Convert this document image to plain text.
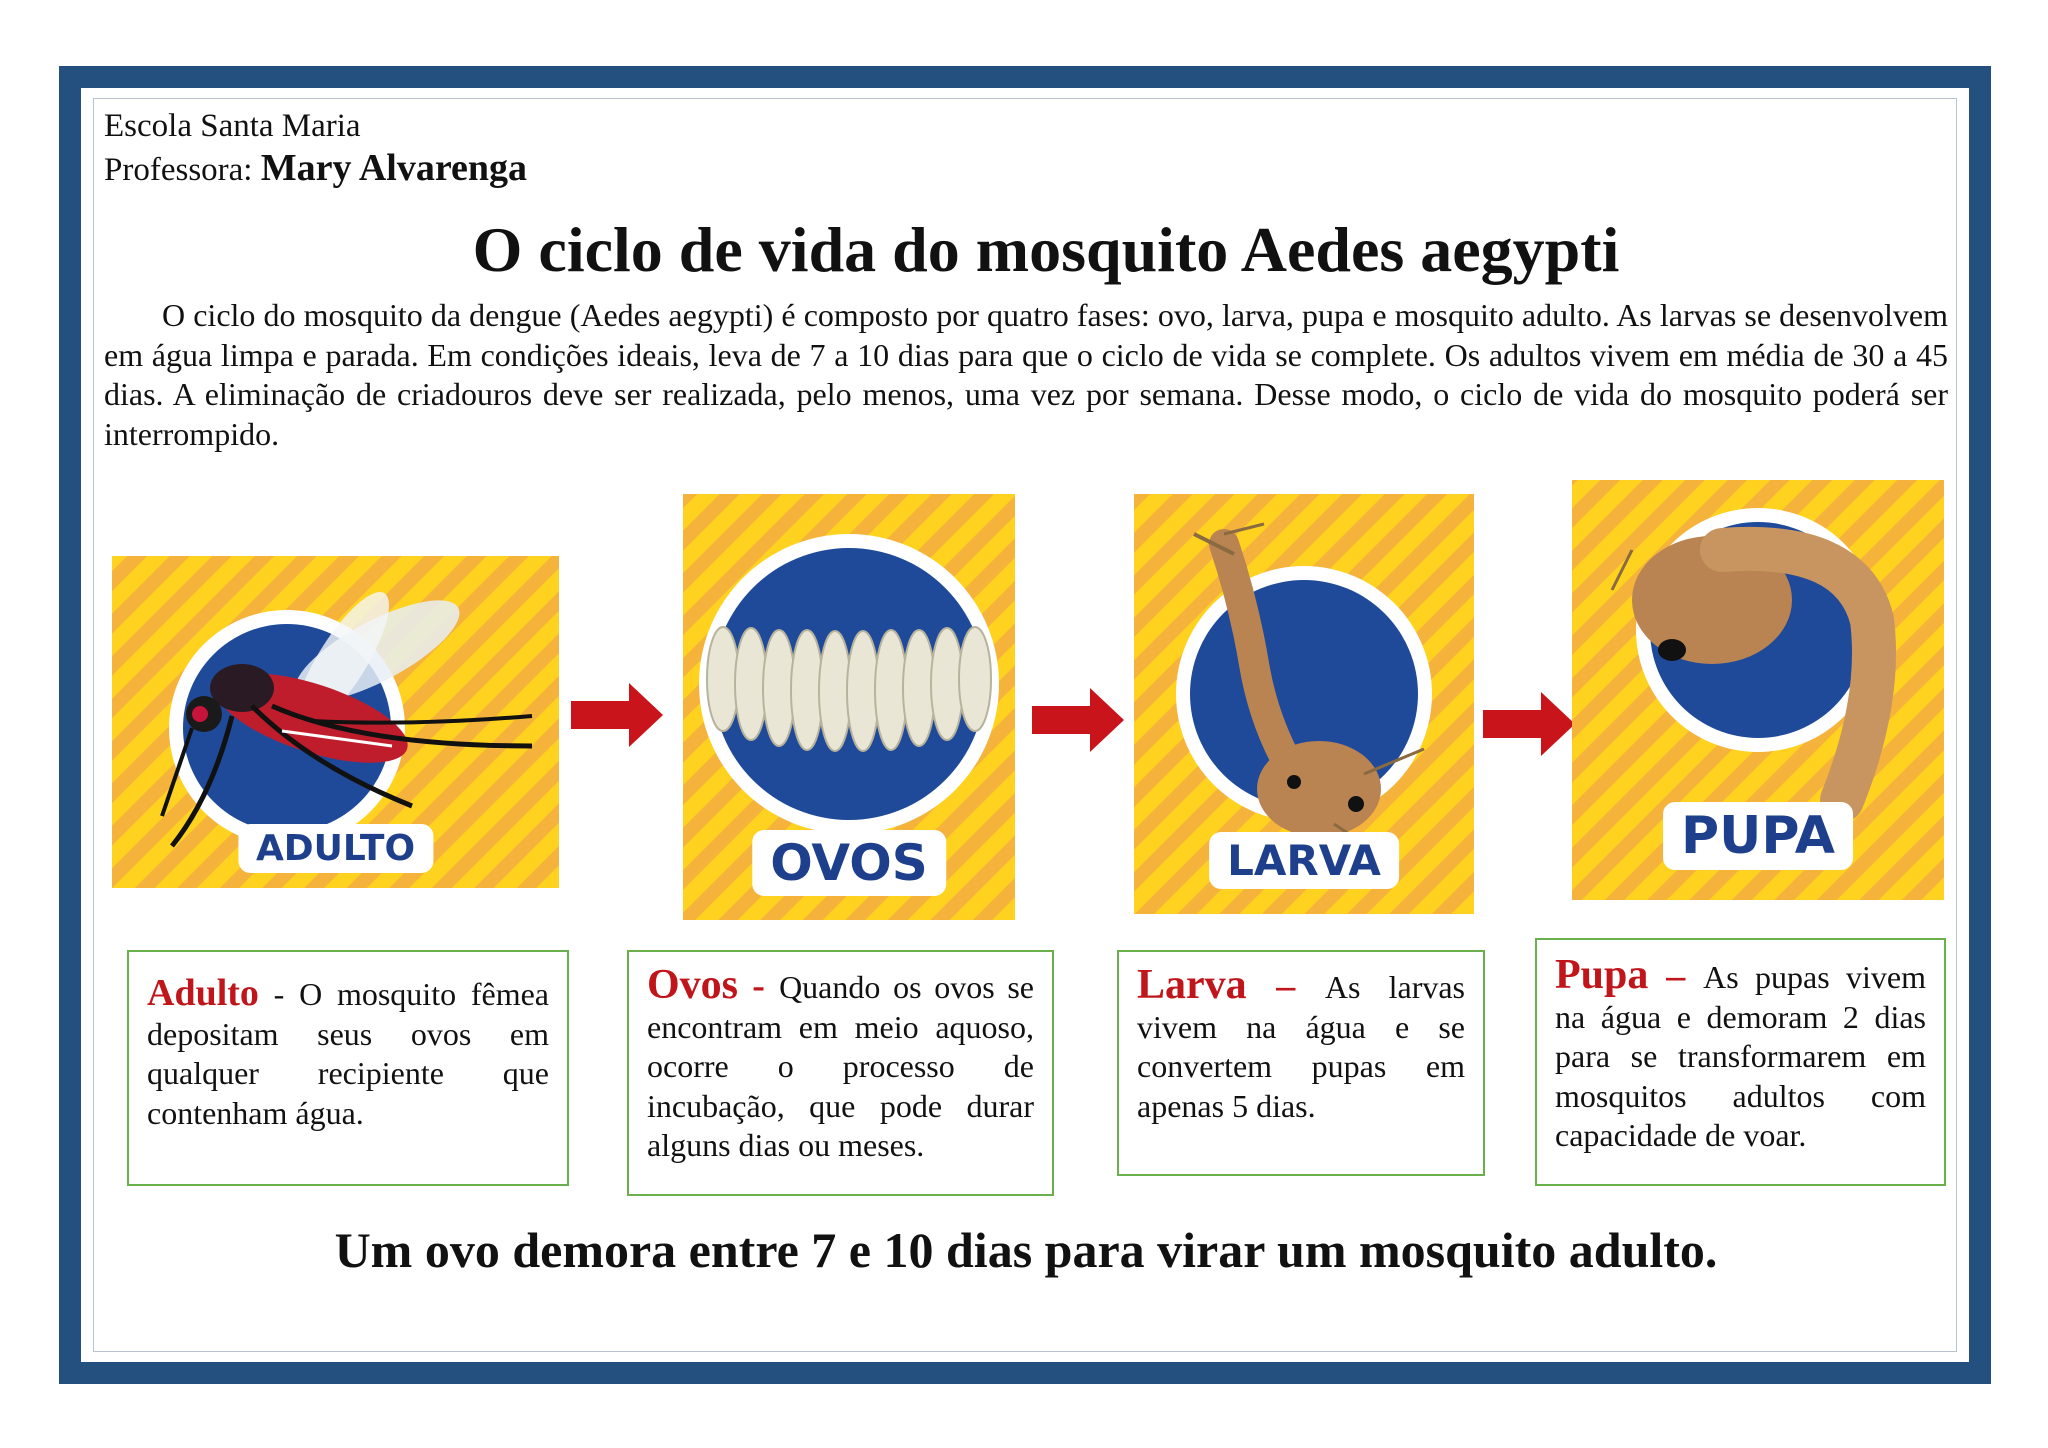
Escola Santa Maria
Professora: Mary Alvarenga
O ciclo de vida do mosquito Aedes aegypti
O ciclo do mosquito da dengue (Aedes aegypti) é composto por quatro fases: ovo, larva, pupa e mosquito adulto. As larvas se desenvolvem em água limpa e parada. Em condições ideais, leva de 7 a 10 dias para que o ciclo de vida se complete. Os adultos vivem em média de 30 a 45 dias. A eliminação de criadouros deve ser realizada, pelo menos, uma vez por semana. Desse modo, o ciclo de vida do mosquito poderá ser interrompido.
ADULTO	OVOS	LARVA	PUPA
Adulto - O mosquito fêmea depositam seus ovos em qualquer recipiente que contenham água.
Ovos - Quando os ovos se encontram em meio aquoso, ocorre o processo de incubação, que pode durar alguns dias ou meses.
Larva – As larvas vivem na água e se convertem pupas em apenas 5 dias.
Pupa – As pupas vivem na água e demoram 2 dias para se transformarem em mosquitos adultos com capacidade de voar.
Um ovo demora entre 7 e 10 dias para virar um mosquito adulto.
